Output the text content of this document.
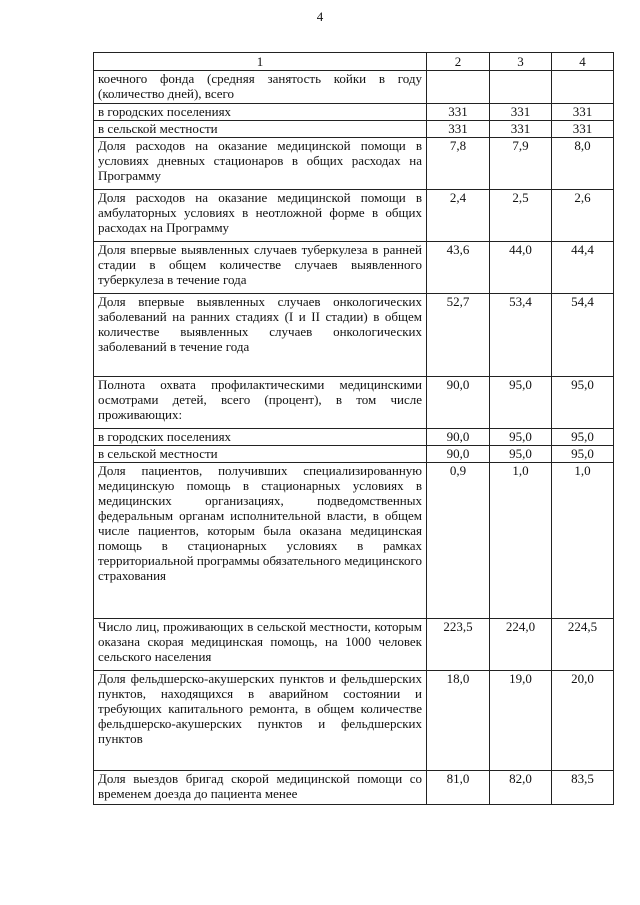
4
1	2	3	4
коечного фонда (средняя занятость койки в году (количество дней), всего			
в городских поселениях	331	331	331
в сельской местности	331	331	331
Доля расходов на оказание медицинской помощи в условиях дневных стационаров в общих расходах на Программу	7,8	7,9	8,0
Доля расходов на оказание медицинской помощи в амбулаторных условиях в неотложной форме в общих расходах на Программу	2,4	2,5	2,6
Доля впервые выявленных случаев туберкулеза в ранней стадии в общем количестве случаев выявленного туберкулеза в течение года	43,6	44,0	44,4
Доля впервые выявленных случаев онкологических заболеваний на ранних стадиях (I и II стадии) в общем количестве выявленных случаев онкологических заболеваний в течение года	52,7	53,4	54,4
Полнота охвата профилактическими медицинскими осмотрами детей, всего (процент), в том числе проживающих:	90,0	95,0	95,0
в городских поселениях	90,0	95,0	95,0
в сельской местности	90,0	95,0	95,0
Доля пациентов, получивших специализированную медицинскую помощь в стационарных условиях в медицинских организациях, подведомственных федеральным органам исполнительной власти, в общем числе пациентов, которым была оказана медицинская помощь в стационарных условиях в рамках территориальной программы обязательного медицинского страхования	0,9	1,0	1,0
Число лиц, проживающих в сельской местности, которым оказана скорая медицинская помощь, на 1000 человек сельского населения	223,5	224,0	224,5
Доля фельдшерско-акушерских пунктов и фельдшерских пунктов, находящихся в аварийном состоянии и требующих капитального ремонта, в общем количестве фельдшерско-акушерских пунктов и фельдшерских пунктов	18,0	19,0	20,0
Доля выездов бригад скорой медицинской помощи со временем доезда до пациента менее	81,0	82,0	83,5
